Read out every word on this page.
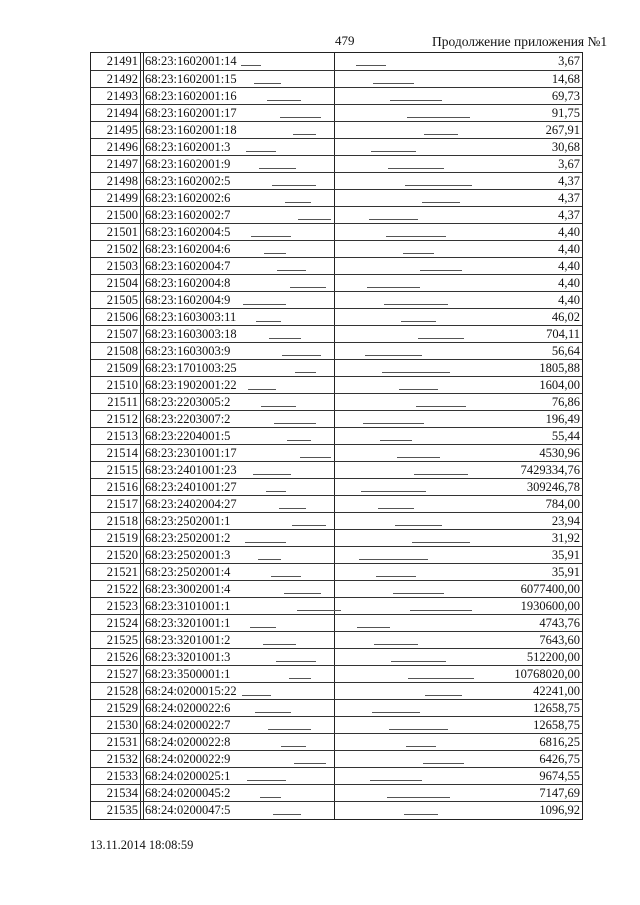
479	Продолжение приложения №1
21491 68:23:1602001:14	3,67
21492 68:23:1602001:15	14,68
21493 68:23:1602001:16	69,73
21494 68:23:1602001:17	91,75
21495 68:23:1602001:18	267,91
21496 68:23:1602001:3	30,68
21497 68:23:1602001:9	3,67
21498 68:23:1602002:5	4,37
21499 68:23:1602002:6	4,37
21500 68:23:1602002:7	4,37
21501 68:23:1602004:5	4,40
21502 68:23:1602004:6	4,40
21503 68:23:1602004:7	4,40
21504 68:23:1602004:8	4,40
21505 68:23:1602004:9	4,40
21506 68:23:1603003:11	46,02
21507 68:23:1603003:18	704,11
21508 68:23:1603003:9	56,64
21509 68:23:1701003:25	1805,88
21510 68:23:1902001:22	1604,00
21511 68:23:2203005:2	76,86
21512 68:23:2203007:2	196,49
21513 68:23:2204001:5	55,44
21514 68:23:2301001:17	4530,96
21515 68:23:2401001:23	7429334,76
21516 68:23:2401001:27	309246,78
21517 68:23:2402004:27	784,00
21518 68:23:2502001:1	23,94
21519 68:23:2502001:2	31,92
21520 68:23:2502001:3	35,91
21521 68:23:2502001:4	35,91
21522 68:23:3002001:4	6077400,00
21523 68:23:3101001:1	1930600,00
21524 68:23:3201001:1	4743,76
21525 68:23:3201001:2	7643,60
21526 68:23:3201001:3	512200,00
21527 68:23:3500001:1	10768020,00
21528 68:24:0200015:22	42241,00
21529 68:24:0200022:6	12658,75
21530 68:24:0200022:7	12658,75
21531 68:24:0200022:8	6816,25
21532 68:24:0200022:9	6426,75
21533 68:24:0200025:1	9674,55
21534 68:24:0200045:2	7147,69
21535 68:24:0200047:5	1096,92
13.11.2014 18:08:59
